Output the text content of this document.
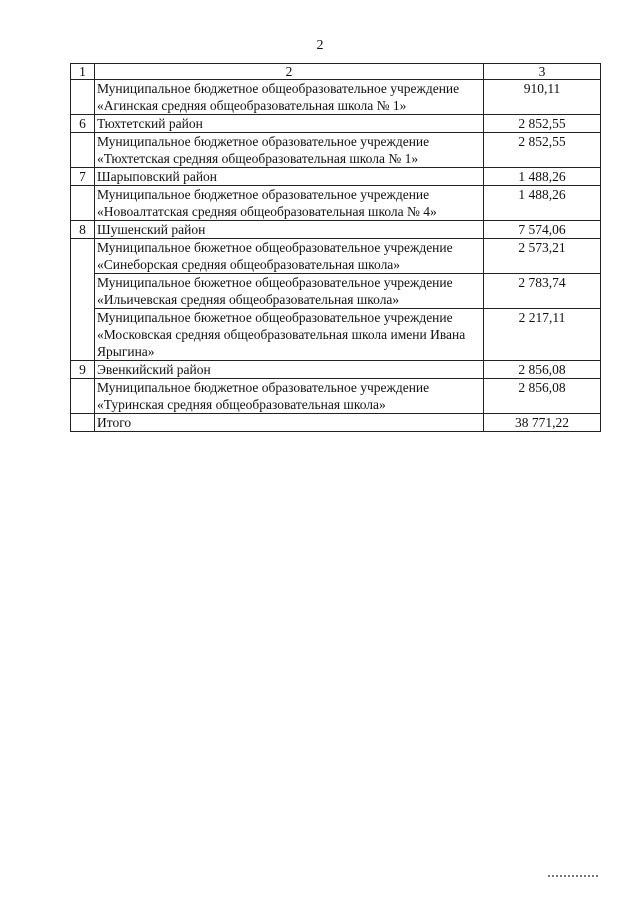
2
1	2	3
	Муниципальное бюджетное общеобразовательное учреждение «Агинская средняя общеобразовательная школа № 1»	910,11
6	Тюхтетский район	2 852,55
	Муниципальное бюджетное образовательное учреждение «Тюхтетская средняя общеобразовательная школа № 1»	2 852,55
7	Шарыповский район	1 488,26
	Муниципальное бюджетное образовательное учреждение «Новоалтатская средняя общеобразовательная школа № 4»	1 488,26
8	Шушенский район	7 574,06
	Муниципальное бюжетное общеобразовательное учреждение «Синеборская средняя общеобразовательная школа»	2 573,21
	Муниципальное бюжетное общеобразовательное учреждение «Ильичевская средняя общеобразовательная школа»	2 783,74
	Муниципальное бюжетное общеобразовательное учреждение «Московская средняя общеобразовательная школа имени Ивана Ярыгина»	2 217,11
9	Эвенкийский район	2 856,08
	Муниципальное бюджетное образовательное учреждение «Туринская средняя общеобразовательная школа»	2 856,08
	Итого	38 771,22
